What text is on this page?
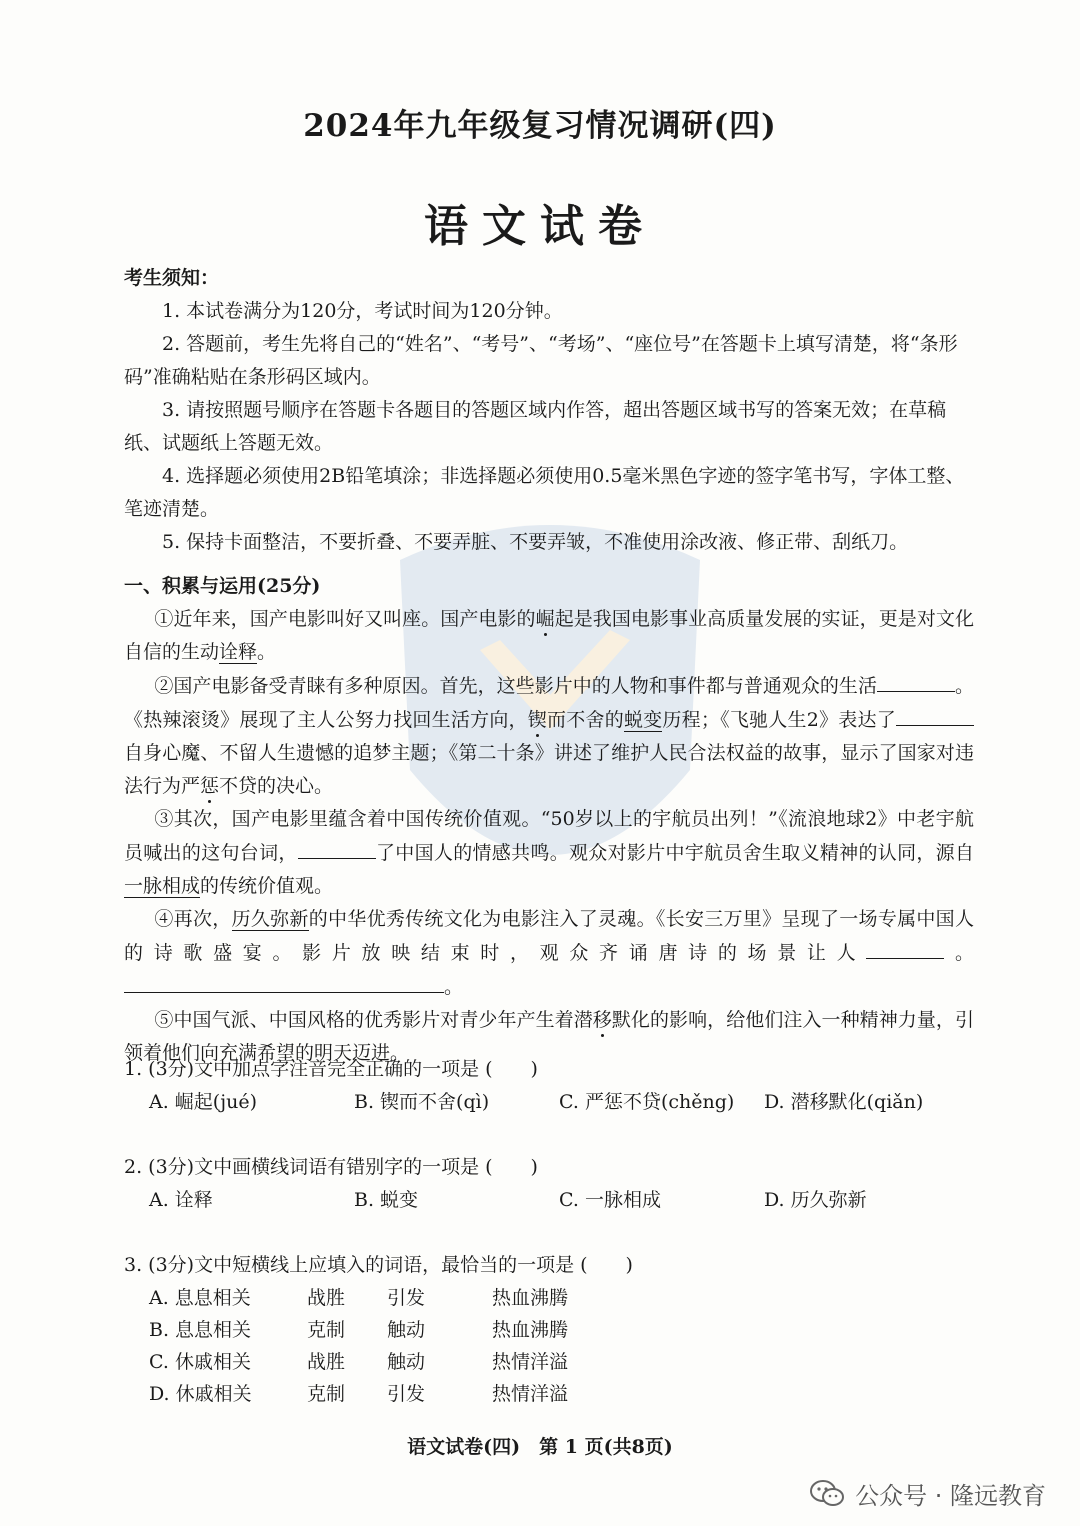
2024年九年级复习情况调研(四)
语文试卷

考生须知：

1. 本试卷满分为120分，考试时间为120分钟。

2. 答题前，考生先将自己的“姓名”、“考号”、“考场”、“座位号”在答题卡上填写清楚，将“条形码”准确粘贴在条形码区域内。

3. 请按照题号顺序在答题卡各题目的答题区域内作答，超出答题区域书写的答案无效；在草稿纸、试题纸上答题无效。

4. 选择题必须使用2B铅笔填涂；非选择题必须使用0.5毫米黑色字迹的签字笔书写，字体工整、笔迹清楚。

5. 保持卡面整洁，不要折叠、不要弄脏、不要弄皱，不准使用涂改液、修正带、刮纸刀。

一、积累与运用(25分)

①近年来，国产电影叫好又叫座。国产电影的崛起是我国电影事业高质量发展的实证，更是对文化自信的生动诠释。

②国产电影备受青睐有多种原因。首先，这些影片中的人物和事件都与普通观众的生活	。《热辣滚烫》展现了主人公努力找回生活方向，锲而不舍的蜕变历程；《飞驰人生2》表达了自身心魔、不留人生遗憾的追梦主题；《第二十条》讲述了维护人民合法权益的故事，显示了国家对违法行为严惩不贷的决心。

③其次，国产电影里蕴含着中国传统价值观。“50岁以上的宇航员出列！”《流浪地球2》中老宇航员喊出的这句台词，	了中国人的情感共鸣。观众对影片中宇航员舍生取义精神的认同，源自一脉相成的传统价值观。

④再次，历久弥新的中华优秀传统文化为电影注入了灵魂。《长安三万里》呈现了一场专属中国人的诗歌盛宴。影片放映结束时，观众齐诵唐诗的场景让人	。。

⑤中国气派、中国风格的优秀影片对青少年产生着潜移默化的影响，给他们注入一种精神力量，引领着他们向充满希望的明天迈进。

1. (3分)文中加点字注音完全正确的一项是 (　　)

A. 崛起(jué)	B. 锲而不舍(qì)	C. 严惩不贷(chěng)	D. 潜移默化(qiǎn)

2. (3分)文中画横线词语有错别字的一项是 (　　)

A. 诠释	B. 蜕变	C. 一脉相成	D. 历久弥新

3. (3分)文中短横线上应填入的词语，最恰当的一项是 (　　)

A. 息息相关	战胜	引发	热血沸腾
B. 息息相关	克制	触动	热血沸腾
C. 休戚相关	战胜	触动	热情洋溢
D. 休戚相关	克制	引发	热情洋溢
语文试卷(四)　第 1 页(共8页)
公众号 · 隆远教育
